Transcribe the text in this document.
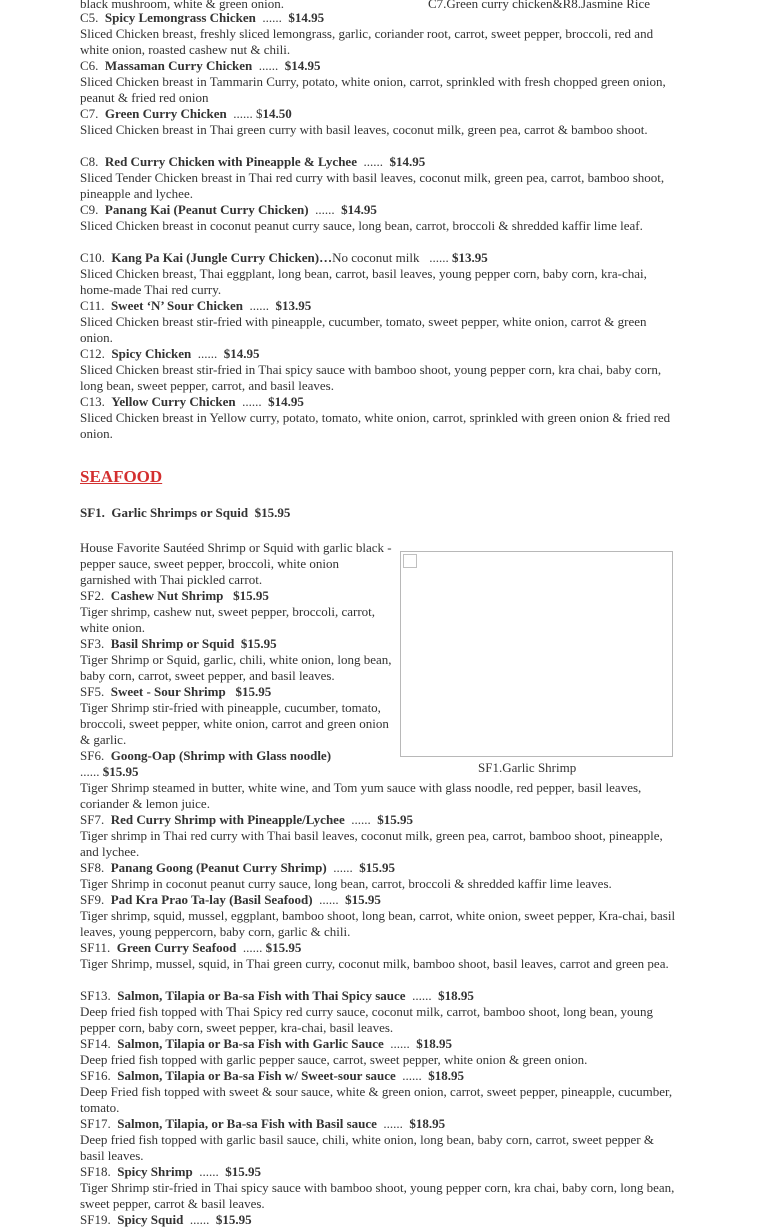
black mushroom, white & green onion.	C7.Green curry chicken&R8.Jasmine Rice
C5. Spicy Lemongrass Chicken  ......  $14.95
Sliced Chicken breast, freshly sliced lemongrass, garlic, coriander root, carrot, sweet pepper, broccoli, red and white onion, roasted cashew nut & chili.
C6. Massaman Curry Chicken  ......  $14.95
Sliced Chicken breast in Tammarin Curry, potato, white onion, carrot, sprinkled with fresh chopped green onion, peanut & fried red onion
C7. Green Curry Chicken  ...... $14.50
Sliced Chicken breast in Thai green curry with basil leaves, coconut milk, green pea, carrot & bamboo shoot.
C8. Red Curry Chicken with Pineapple & Lychee  ......  $14.95
Sliced Tender Chicken breast in Thai red curry with basil leaves, coconut milk, green pea, carrot, bamboo shoot, pineapple and lychee.
C9. Panang Kai (Peanut Curry Chicken)  ......  $14.95
Sliced Chicken breast in coconut peanut curry sauce, long bean, carrot, broccoli & shredded kaffir lime leaf.
C10. Kang Pa Kai (Jungle Curry Chicken)…No coconut milk   ...... $13.95
Sliced Chicken breast, Thai eggplant, long bean, carrot, basil leaves, young pepper corn, baby corn, kra-chai, home-made Thai red curry.
C11. Sweet ‘N’ Sour Chicken  ......  $13.95
Sliced Chicken breast stir-fried with pineapple, cucumber, tomato, sweet pepper, white onion, carrot & green onion.
C12. Spicy Chicken  ......  $14.95
Sliced Chicken breast stir-fried in Thai spicy sauce with bamboo shoot, young pepper corn, kra chai, baby corn, long bean, sweet pepper, carrot, and basil leaves.
C13. Yellow Curry Chicken  ......  $14.95
Sliced Chicken breast in Yellow curry, potato, tomato, white onion, carrot, sprinkled with green onion & fried red onion.
SEAFOOD
SF1. Garlic Shrimps or Squid $15.95
SF1.Garlic Shrimp
House Favorite Sautéed Shrimp or Squid with garlic black -pepper sauce, sweet pepper, broccoli, white onion garnished with Thai pickled carrot.
SF2. Cashew Nut Shrimp $15.95
Tiger shrimp, cashew nut, sweet pepper, broccoli, carrot, white onion.
SF3. Basil Shrimp or Squid $15.95
Tiger Shrimp or Squid, garlic, chili, white onion, long bean, baby corn, carrot, sweet pepper, and basil leaves.
SF5. Sweet - Sour Shrimp $15.95
Tiger Shrimp stir-fried with pineapple, cucumber, tomato, broccoli, sweet pepper, white onion, carrot and green onion & garlic.
SF6. Goong-Oap (Shrimp with Glass noodle)
...... $15.95
Tiger Shrimp steamed in butter, white wine, and Tom yum sauce with glass noodle, red pepper, basil leaves, coriander & lemon juice.
SF7. Red Curry Shrimp with Pineapple/Lychee  ......  $15.95
Tiger shrimp in Thai red curry with Thai basil leaves, coconut milk, green pea, carrot, bamboo shoot, pineapple, and lychee.
SF8. Panang Goong (Peanut Curry Shrimp)  ......  $15.95
Tiger Shrimp in coconut peanut curry sauce, long bean, carrot, broccoli & shredded kaffir lime leaves.
SF9. Pad Kra Prao Ta-lay (Basil Seafood)  ......  $15.95
Tiger shrimp, squid, mussel, eggplant, bamboo shoot, long bean, carrot, white onion, sweet pepper, Kra-chai, basil leaves, young peppercorn, baby corn, garlic & chili.
SF11. Green Curry Seafood  ...... $15.95
Tiger Shrimp, mussel, squid, in Thai green curry, coconut milk, bamboo shoot, basil leaves, carrot and green pea.
SF13. Salmon, Tilapia or Ba-sa Fish with Thai Spicy sauce  ......  $18.95
Deep fried fish topped with Thai Spicy red curry sauce, coconut milk, carrot, bamboo shoot, long bean, young pepper corn, baby corn, sweet pepper, kra-chai, basil leaves.
SF14. Salmon, Tilapia or Ba-sa Fish with Garlic Sauce  ......  $18.95
Deep fried fish topped with garlic pepper sauce, carrot, sweet pepper, white onion & green onion.
SF16. Salmon, Tilapia or Ba-sa Fish w/ Sweet-sour sauce  ......  $18.95
Deep Fried fish topped with sweet & sour sauce, white & green onion, carrot, sweet pepper, pineapple, cucumber, tomato.
SF17. Salmon, Tilapia, or Ba-sa Fish with Basil sauce  ......  $18.95
Deep fried fish topped with garlic basil sauce, chili, white onion, long bean, baby corn, carrot, sweet pepper & basil leaves.
SF18. Spicy Shrimp  ......  $15.95
Tiger Shrimp stir-fried in Thai spicy sauce with bamboo shoot, young pepper corn, kra chai, baby corn, long bean, sweet pepper, carrot & basil leaves.
SF19. Spicy Squid  ......  $15.95
